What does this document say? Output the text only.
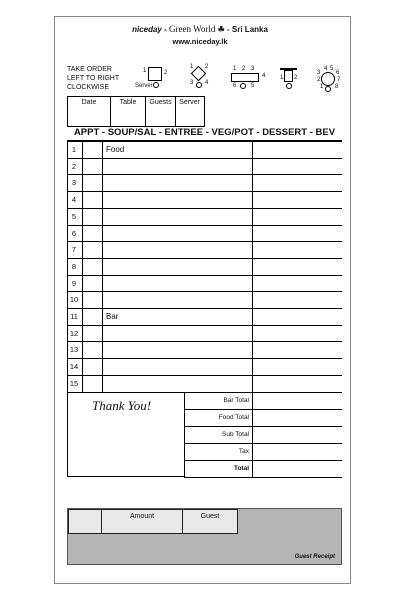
niceday - Green World ☘ - Sri Lanka
www.niceday.lk
TAKE ORDER
LEFT TO RIGHT
CLOCKWISE
1	2
Server
1 2
3 4
1 2 3
4
6 5
1 2
4 5
6
3
7
2
1 8
Date	Table	Guests	Server
APPT - SOUP/SAL - ENTREE - VEG/POT - DESSERT - BEV
1	Food
2
3
4
5
6
7
8
9
10
11	Bar
12
13
14
15
Thank You!	Bar Total
Food Total
Sub Total
Tax
Total
Amount	Guest
Guest Receipt
